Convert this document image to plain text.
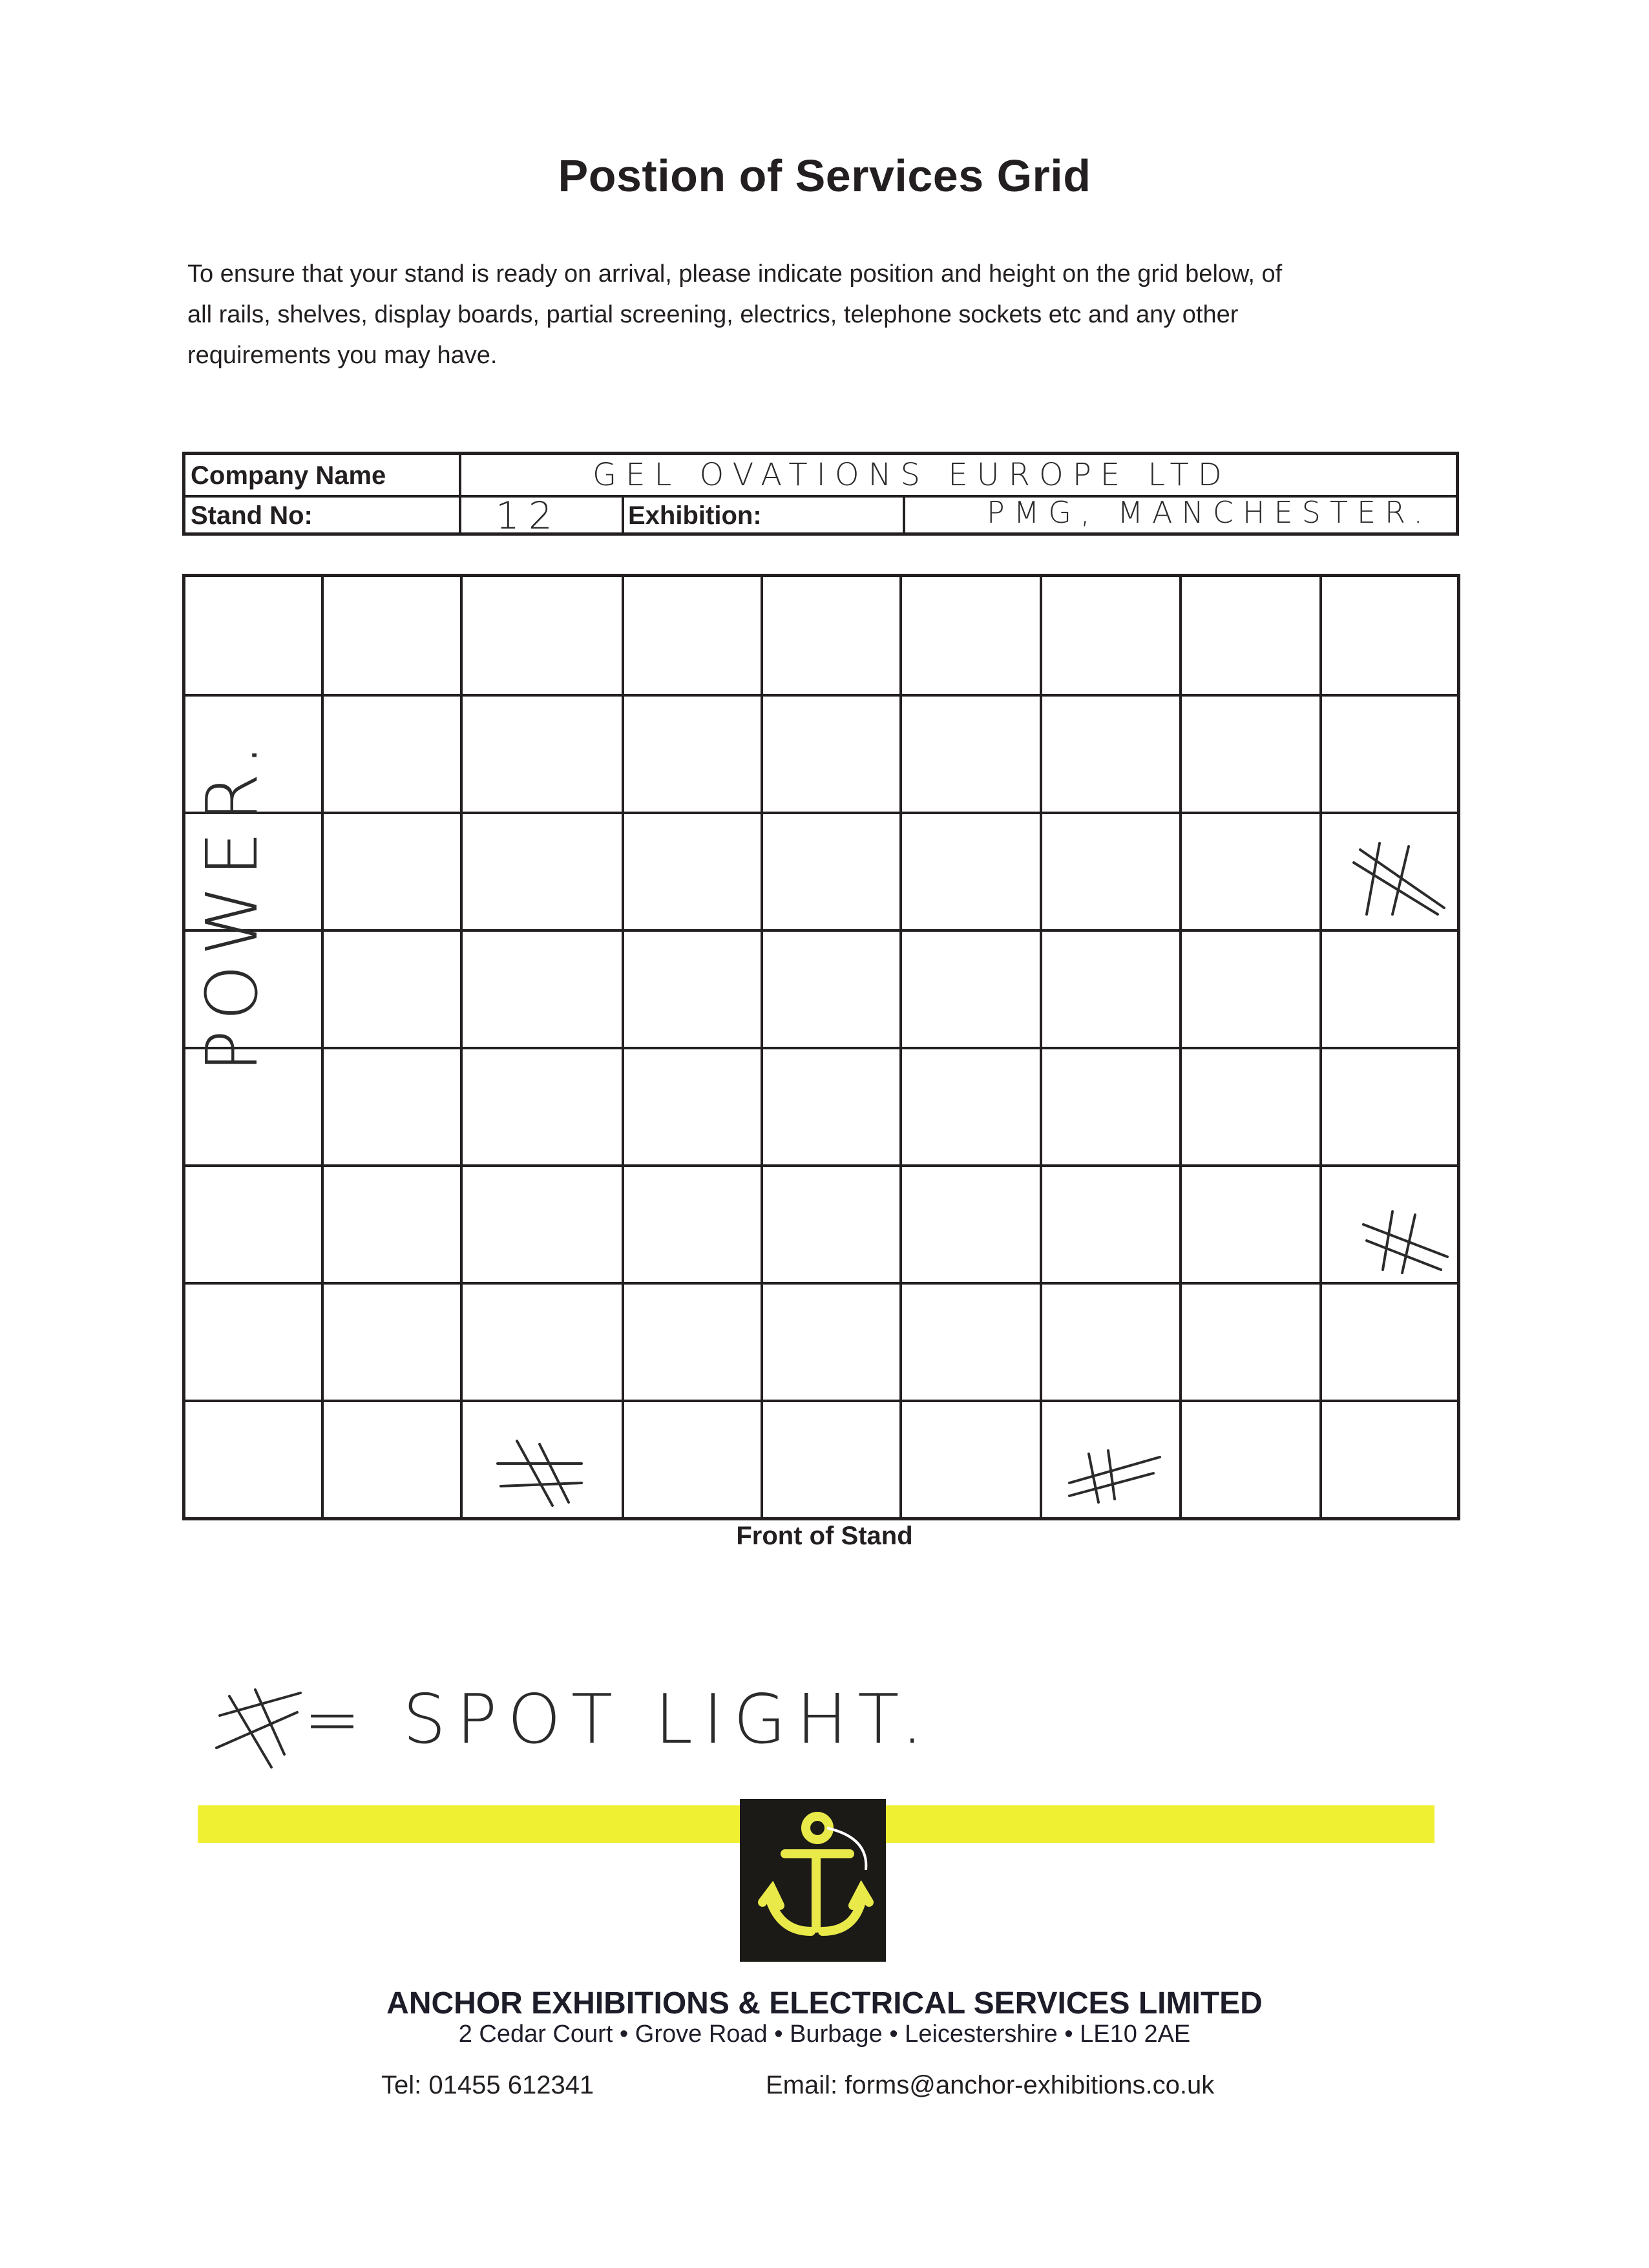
Postion of Services Grid
To ensure that your stand is ready on arrival, please indicate position and height on the grid below, of
all rails, shelves, display boards, partial screening, electrics, telephone sockets etc and any other
requirements you may have.
Company Name	GEL OVATIONS EUROPE LTD
Stand No:	12	Exhibition:	PMG, MANCHESTER.
POWER.
Front of Stand
= SPOT LIGHT.
ANCHOR EXHIBITIONS & ELECTRICAL SERVICES LIMITED
2 Cedar Court • Grove Road • Burbage • Leicestershire • LE10 2AE
Tel: 01455 612341	Email: forms@anchor-exhibitions.co.uk
